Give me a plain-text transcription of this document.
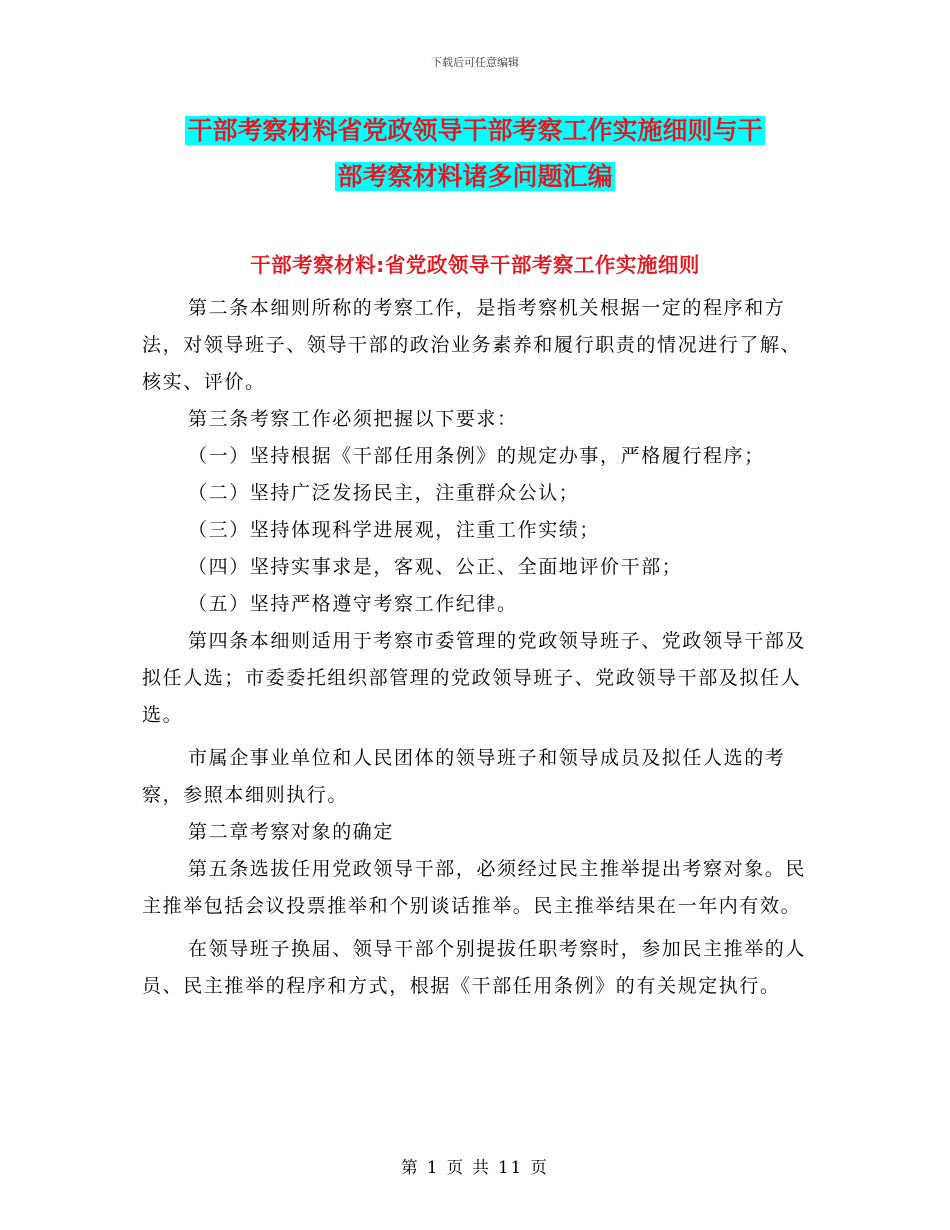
下载后可任意编辑
干部考察材料省党政领导干部考察工作实施细则与干
部考察材料诸多问题汇编
干部考察材料:省党政领导干部考察工作实施细则

第二条本细则所称的考察工作，是指考察机关根据一定的程序和方法，对领导班子、领导干部的政治业务素养和履行职责的情况进行了解、核实、评价。

第三条考察工作必须把握以下要求：

（一）坚持根据《干部任用条例》的规定办事，严格履行程序；

（二）坚持广泛发扬民主，注重群众公认；

（三）坚持体现科学进展观，注重工作实绩；

（四）坚持实事求是，客观、公正、全面地评价干部；

（五）坚持严格遵守考察工作纪律。

第四条本细则适用于考察市委管理的党政领导班子、党政领导干部及拟任人选；市委委托组织部管理的党政领导班子、党政领导干部及拟任人选。

市属企事业单位和人民团体的领导班子和领导成员及拟任人选的考察，参照本细则执行。

第二章考察对象的确定

第五条选拔任用党政领导干部，必须经过民主推举提出考察对象。民主推举包括会议投票推举和个别谈话推举。民主推举结果在一年内有效。

在领导班子换届、领导干部个别提拔任职考察时，参加民主推举的人员、民主推举的程序和方式，根据《干部任用条例》的有关规定执行。

第 1 页 共 11 页
